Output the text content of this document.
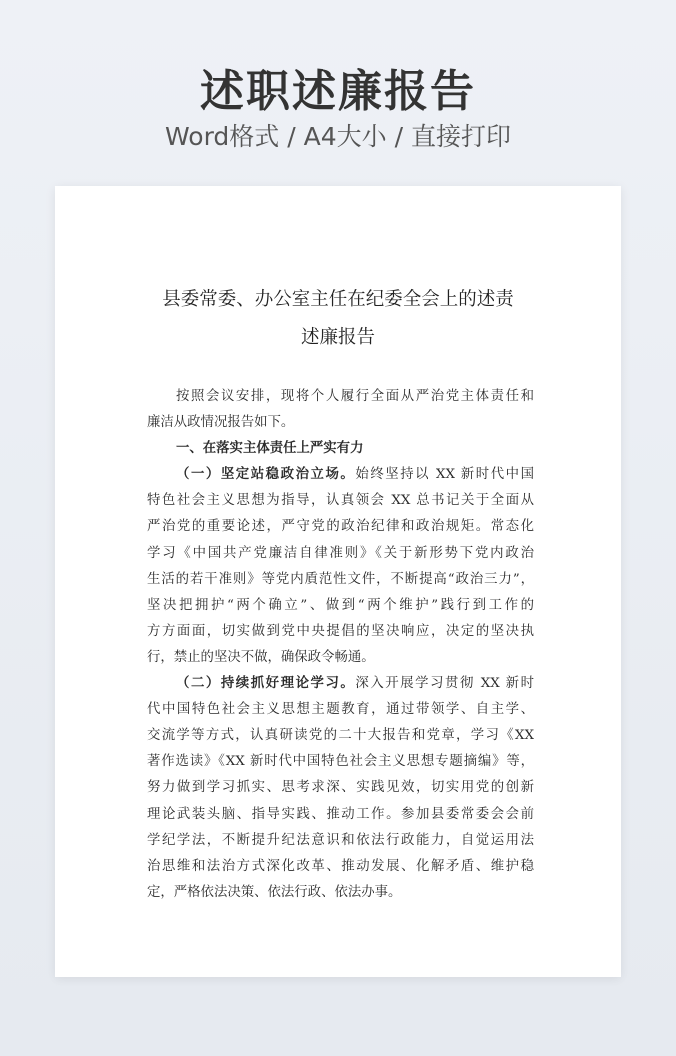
述职述廉报告
Word格式 / A4大小 / 直接打印
县委常委、办公室主任在纪委全会上的述责
述廉报告
按照会议安排，现将个人履行全面从严治党主体责任和
廉洁从政情况报告如下。
一、在落实主体责任上严实有力
（一）坚定站稳政治立场。始终坚持以 XX 新时代中国
特色社会主义思想为指导，认真领会 XX 总书记关于全面从
严治党的重要论述，严守党的政治纪律和政治规矩。常态化
学习《中国共产党廉洁自律准则》《关于新形势下党内政治
生活的若干准则》等党内貭范性文件，不断提高“政治三力”，
坚决把拥护“两个确立”、做到“两个维护”践行到工作的
方方面面，切实做到党中央提倡的坚决响应，决定的坚决执
行，禁止的坚决不做，确保政令畅通。
（二）持续抓好理论学习。深入开展学习贯彻 XX 新时
代中国特色社会主义思想主题教育，通过带领学、自主学、
交流学等方式，认真研读党的二十大报告和党章，学习《XX
著作选读》《XX 新时代中国特色社会主义思想专题摘编》等，
努力做到学习抓实、思考求深、实践见效，切实用党的创新
理论武装头脑、指导实践、推动工作。参加县委常委会会前
学纪学法，不断提升纪法意识和依法行政能力，自觉运用法
治思维和法治方式深化改革、推动发展、化解矛盾、维护稳
定，严格依法决策、依法行政、依法办事。
